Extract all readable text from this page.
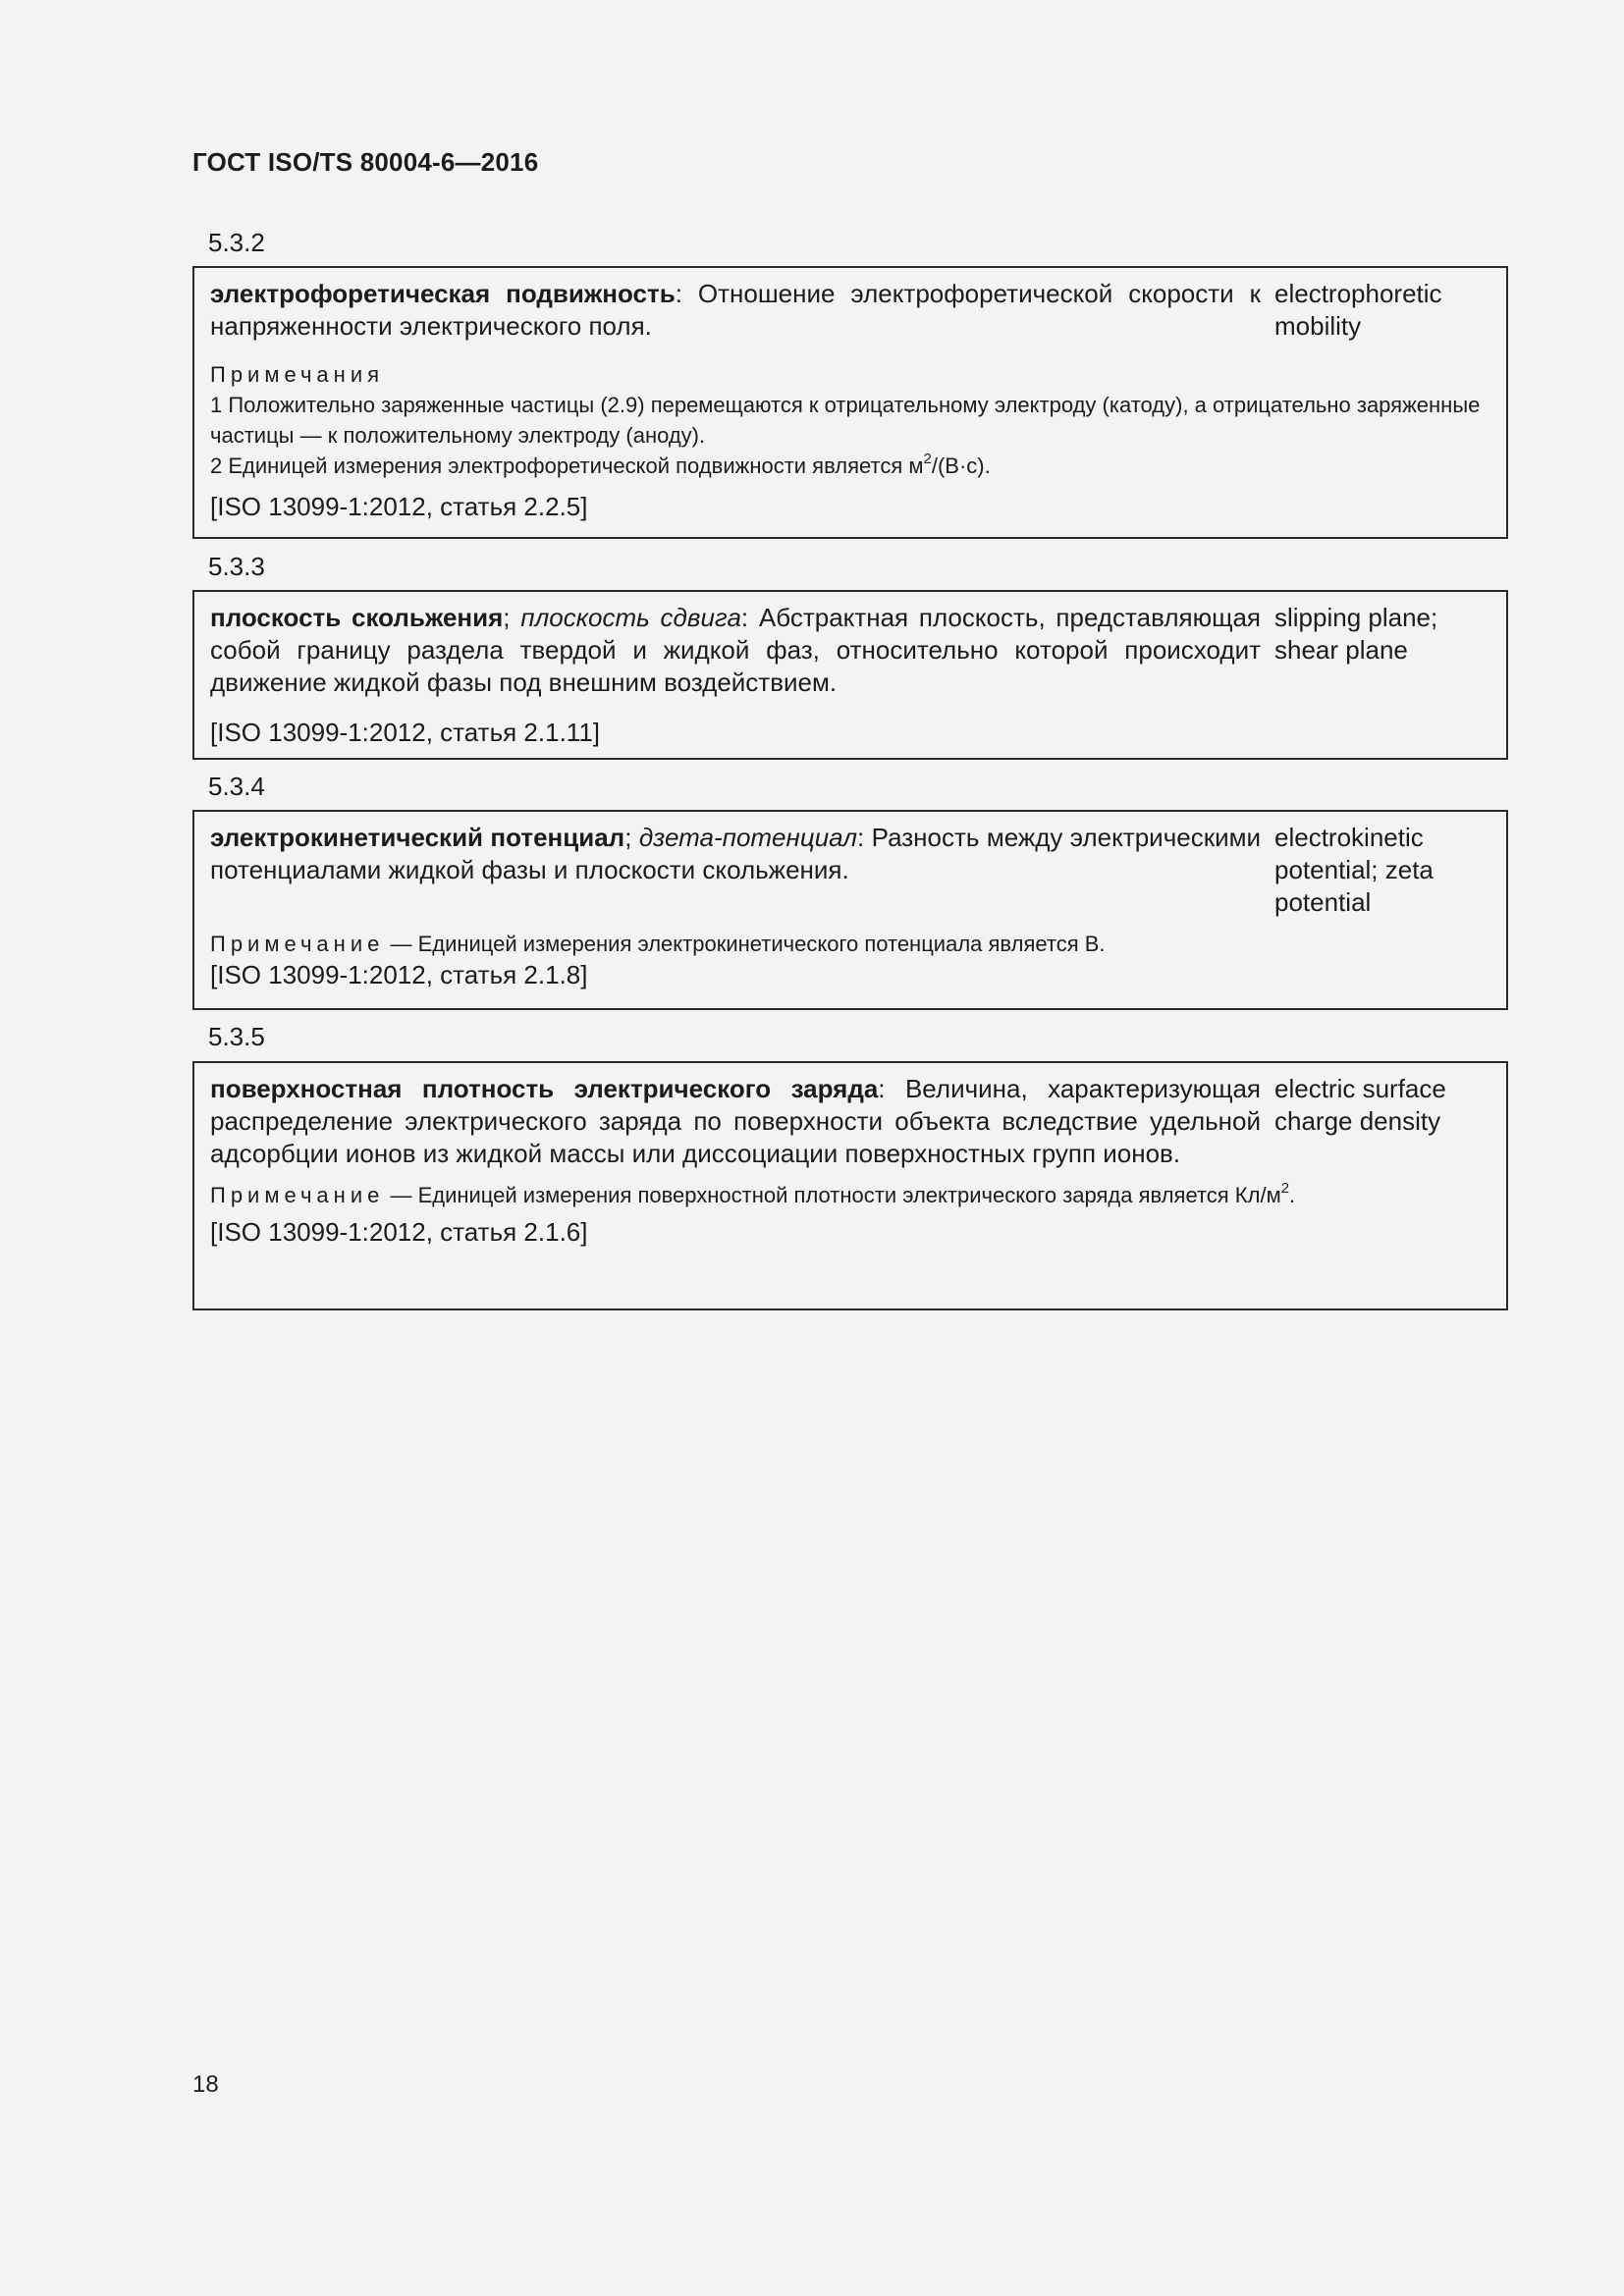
ГОСТ ISO/TS 80004-6—2016
5.3.2
электрофоретическая подвижность: Отношение электрофоретической скорости к напряженности электрического поля.
electrophoretic mobility
Примечания
1 Положительно заряженные частицы (2.9) перемещаются к отрицательному электроду (катоду), а отрицательно заряженные частицы — к положительному электроду (аноду).
2 Единицей измерения электрофоретической подвижности является $м^2/(В\cdot с)$.
[ISO 13099-1:2012, статья 2.2.5]
5.3.3
плоскость скольжения; плоскость сдвига: Абстрактная плоскость, представляющая собой границу раздела твердой и жидкой фаз, относительно которой происходит движение жидкой фазы под внешним воздействием.
slipping plane; shear plane
[ISO 13099-1:2012, статья 2.1.11]
5.3.4
электрокинетический потенциал; дзета-потенциал: Разность между электрическими потенциалами жидкой фазы и плоскости скольжения.
electrokinetic potential; zeta potential
Примечание — Единицей измерения электрокинетического потенциала является В.
[ISO 13099-1:2012, статья 2.1.8]
5.3.5
поверхностная плотность электрического заряда: Величина, характеризующая распределение электрического заряда по поверхности объекта вследствие удельной адсорбции ионов из жидкой массы или диссоциации поверхностных групп ионов.
electric surface charge density
Примечание — Единицей измерения поверхностной плотности электрического заряда является $Кл/м^2$.
[ISO 13099-1:2012, статья 2.1.6]
18
